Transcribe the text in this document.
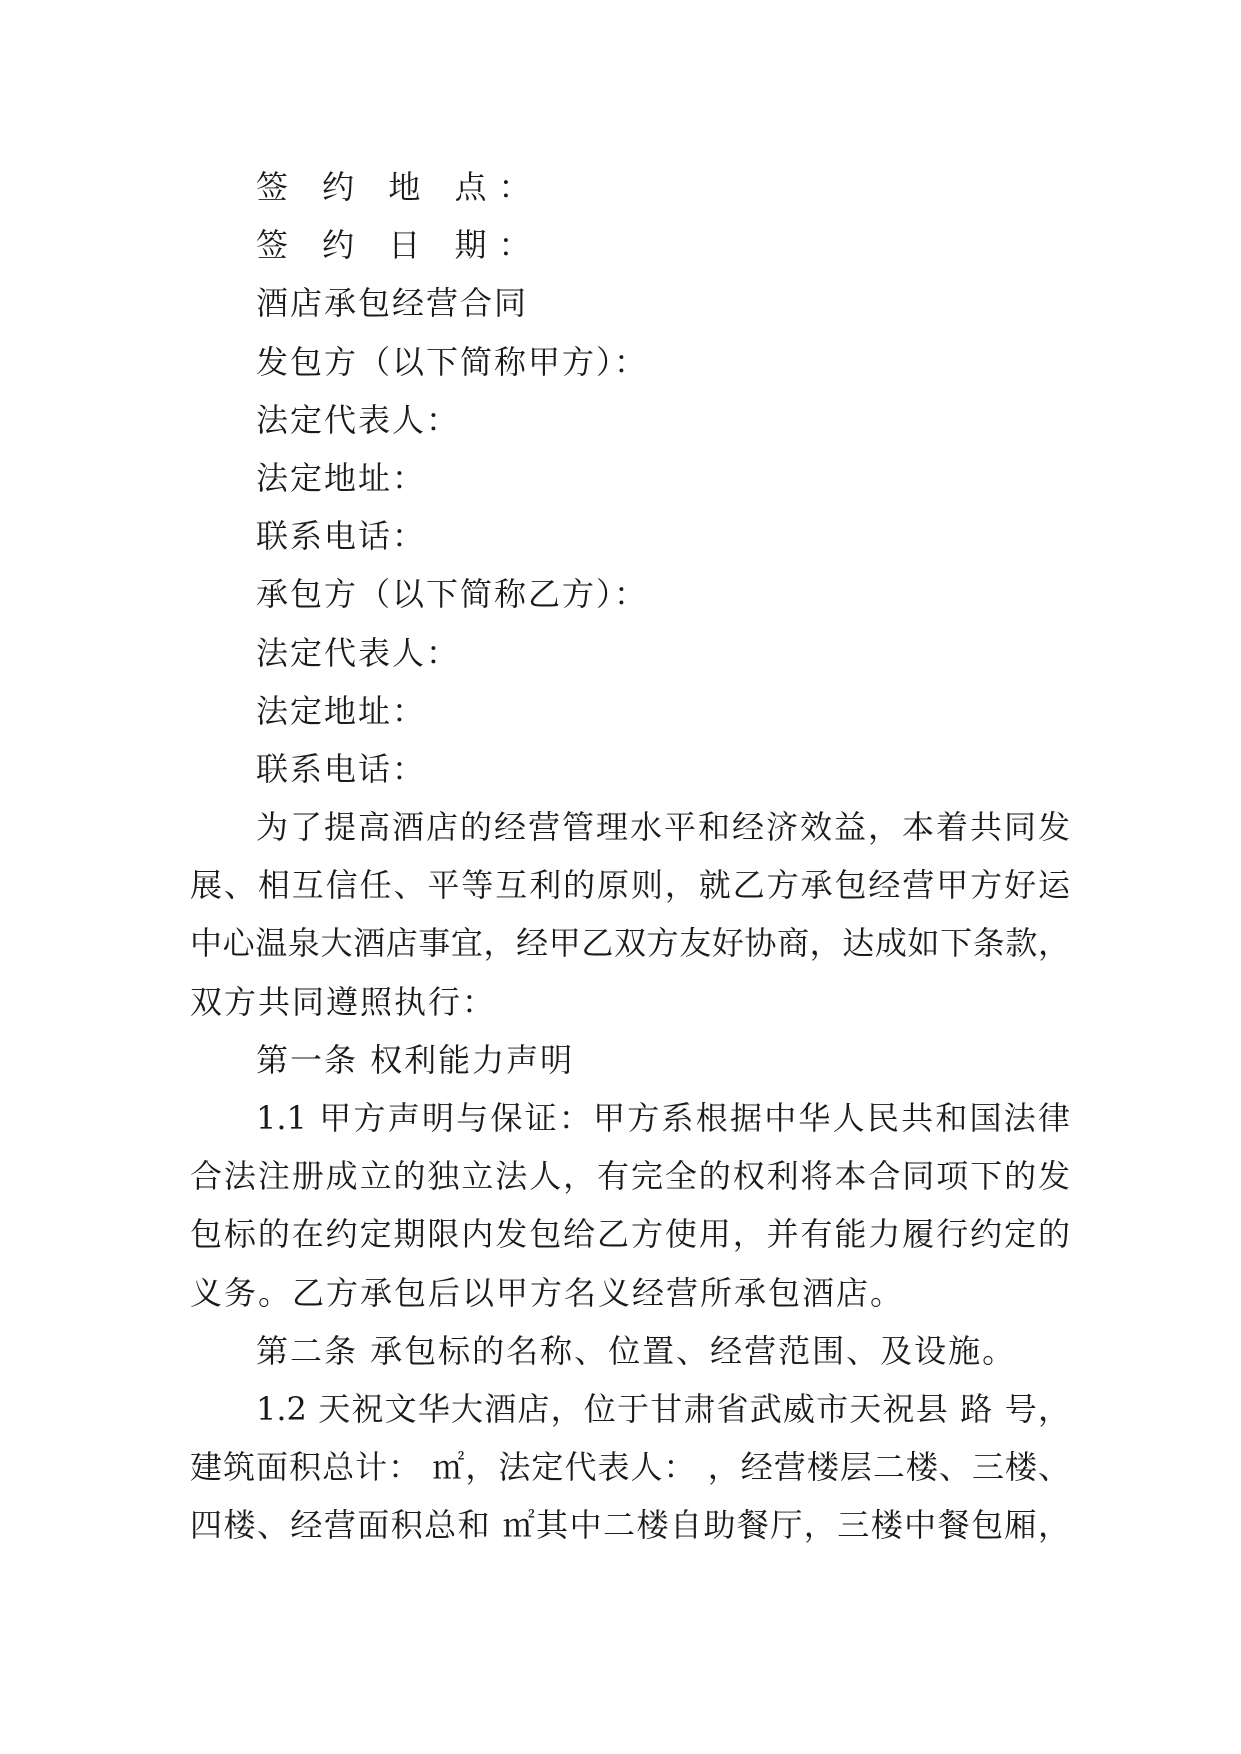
签 约 地 点：
签 约 日 期：
酒店承包经营合同
发包方（以下简称甲方）：
法定代表人：
法定地址：
联系电话：
承包方（以下简称乙方）：
法定代表人：
法定地址：
联系电话：
为了提高酒店的经营管理水平和经济效益，本着共同发
展、相互信任、平等互利的原则，就乙方承包经营甲方好运
中心温泉大酒店事宜，经甲乙双方友好协商，达成如下条款，
双方共同遵照执行：
第一条 权利能力声明
1.1 甲方声明与保证：甲方系根据中华人民共和国法律
合法注册成立的独立法人，有完全的权利将本合同项下的发
包标的在约定期限内发包给乙方使用，并有能力履行约定的
义务。乙方承包后以甲方名义经营所承包酒店。
第二条 承包标的名称、位置、经营范围、及设施。
1.2 天祝文华大酒店，位于甘肃省武威市天祝县 路 号，
建筑面积总计： ㎡，法定代表人： ，经营楼层二楼、三楼、
四楼、经营面积总和 ㎡其中二楼自助餐厅，三楼中餐包厢，
